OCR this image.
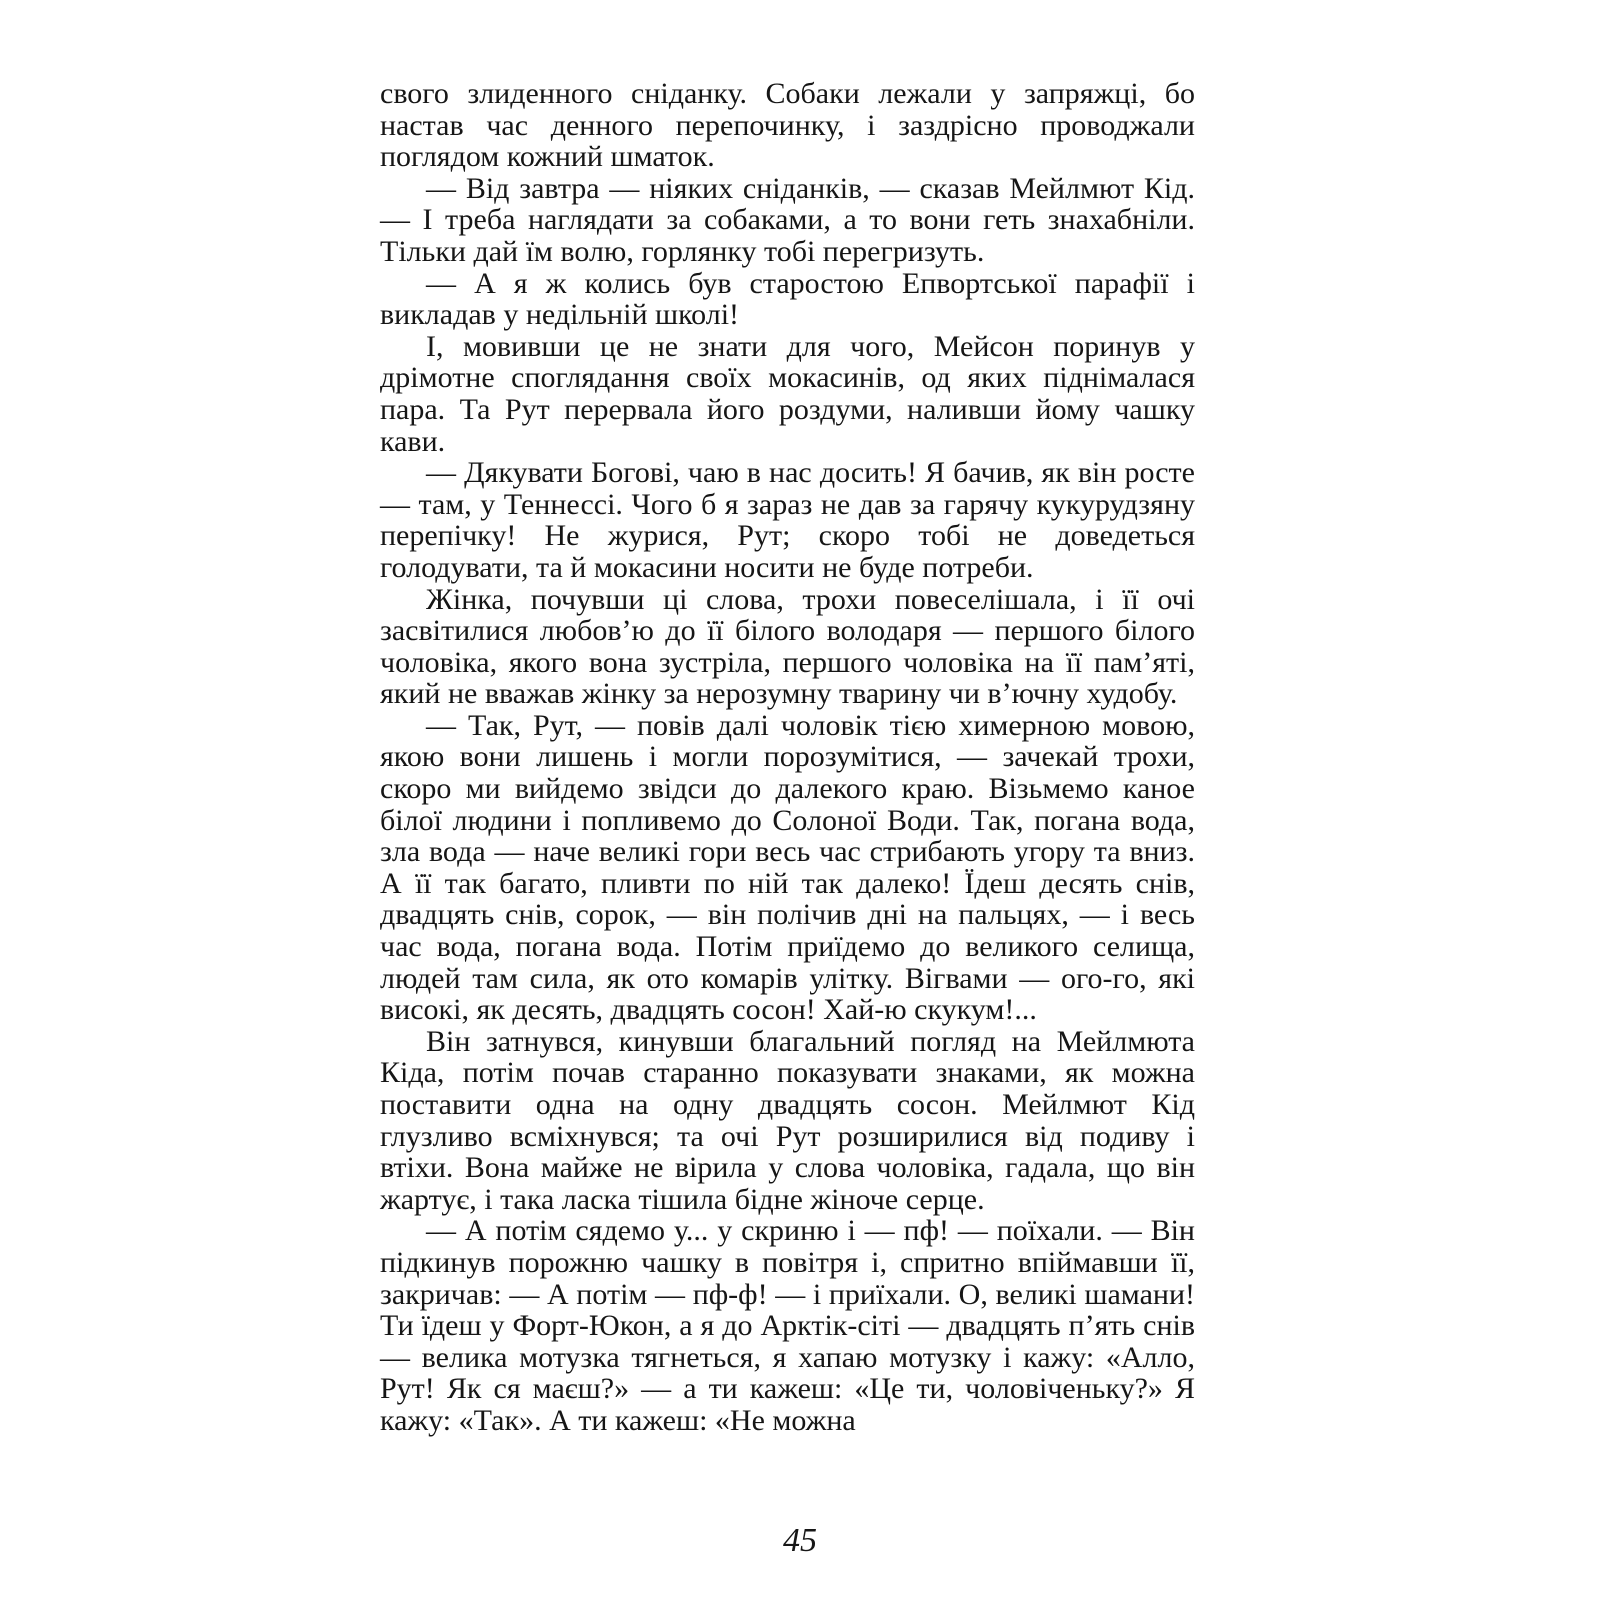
свого злиденного сніданку. Собаки лежали у запряжці, бо настав час денного перепочинку, і заздрісно проводжали поглядом кожний шматок.

— Від завтра — ніяких сніданків, — сказав Мейлмют Кід. — І треба наглядати за собаками, а то вони геть знахабніли. Тільки дай їм волю, горлянку тобі перегризуть.

— А я ж колись був старостою Епвортської парафії і викладав у недільній школі!

І, мовивши це не знати для чого, Мейсон поринув у дрімотне споглядання своїх мокасинів, од яких піднімалася пара. Та Рут перервала його роздуми, наливши йому чашку кави.

— Дякувати Богові, чаю в нас досить! Я бачив, як він росте — там, у Теннессі. Чого б я зараз не дав за гарячу кукурудзяну перепічку! Не журися, Рут; скоро тобі не доведеться голодувати, та й мокасини носити не буде потреби.

Жінка, почувши ці слова, трохи повеселішала, і її очі засвітилися любов’ю до її білого володаря — першого білого чоловіка, якого вона зустріла, першого чоловіка на її пам’яті, який не вважав жінку за нерозумну тварину чи в’ючну худобу.

— Так, Рут, — повів далі чоловік тією химерною мовою, якою вони лишень і могли порозумітися, — зачекай трохи, скоро ми вийдемо звідси до далекого краю. Візьмемо каное білої людини і попливемо до Солоної Води. Так, погана вода, зла вода — наче великі гори весь час стрибають угору та вниз. А її так багато, пливти по ній так далеко! Їдеш десять снів, двадцять снів, сорок, — він полічив дні на пальцях, — і весь час вода, погана вода. Потім приїдемо до великого селища, людей там сила, як ото комарів улітку. Вігвами — ого-го, які високі, як десять, двадцять сосон! Хай-ю скукум!...

Він затнувся, кинувши благальний погляд на Мейлмюта Кіда, потім почав старанно показувати знаками, як можна поставити одна на одну двадцять сосон. Мейлмют Кід глузливо всміхнувся; та очі Рут розширилися від подиву і втіхи. Вона майже не вірила у слова чоловіка, гадала, що він жартує, і така ласка тішила бідне жіноче серце.

— А потім сядемо у... у скриню і — пф! — поїхали. — Він підкинув порожню чашку в повітря і, спритно впіймавши її, закричав: — А потім — пф-ф! — і приїхали. О, великі шамани! Ти їдеш у Форт-Юкон, а я до Арктік-сіті — двадцять п’ять снів — велика мотузка тягнеться, я хапаю мотузку і кажу: «Алло, Рут! Як ся маєш?» — а ти кажеш: «Це ти, чоловіченьку?» Я кажу: «Так». А ти кажеш: «Не можна

45
